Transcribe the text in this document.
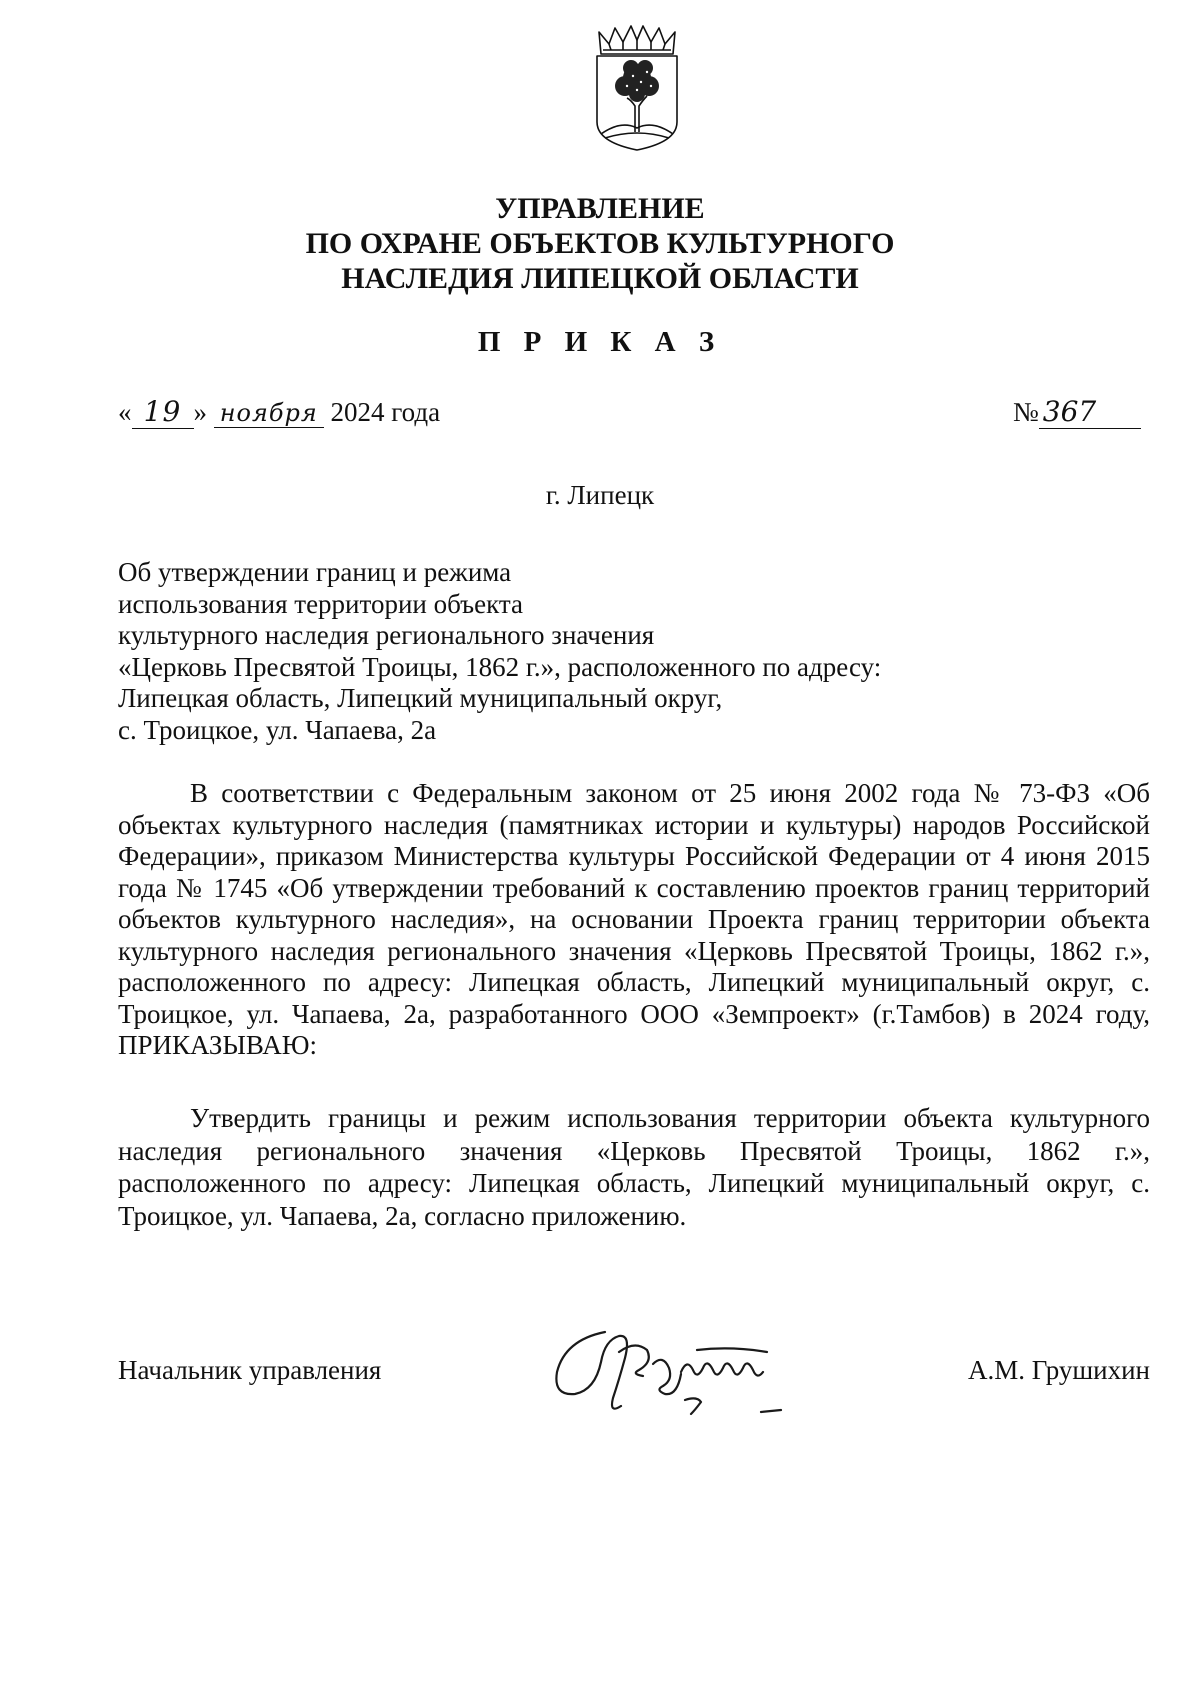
УПРАВЛЕНИЕ
ПО ОХРАНЕ ОБЪЕКТОВ КУЛЬТУРНОГО
НАСЛЕДИЯ ЛИПЕЦКОЙ ОБЛАСТИ
П Р И К А З
« 19 » ноября 2024 года	№ 367
г. Липецк
Об утверждении границ и режима
использования территории объекта
культурного наследия регионального значения
«Церковь Пресвятой Троицы, 1862 г.», расположенного по адресу:
Липецкая область, Липецкий муниципальный округ,
с. Троицкое, ул. Чапаева, 2а
В соответствии с Федеральным законом от 25 июня 2002 года № 73-ФЗ «Об объектах культурного наследия (памятниках истории и культуры) народов Российской Федерации», приказом Министерства культуры Российской Федерации от 4 июня 2015 года № 1745 «Об утверждении требований к составлению проектов границ территорий объектов культурного наследия», на основании Проекта границ территории объекта культурного наследия регионального значения «Церковь Пресвятой Троицы, 1862 г.», расположенного по адресу: Липецкая область, Липецкий муниципальный округ, с. Троицкое, ул. Чапаева, 2а, разработанного ООО «Земпроект» (г.Тамбов) в 2024 году, ПРИКАЗЫВАЮ:
Утвердить границы и режим использования территории объекта культурного наследия регионального значения «Церковь Пресвятой Троицы, 1862 г.», расположенного по адресу: Липецкая область, Липецкий муниципальный округ, с. Троицкое, ул. Чапаева, 2а, согласно приложению.
Начальник управления	А.М. Грушихин
